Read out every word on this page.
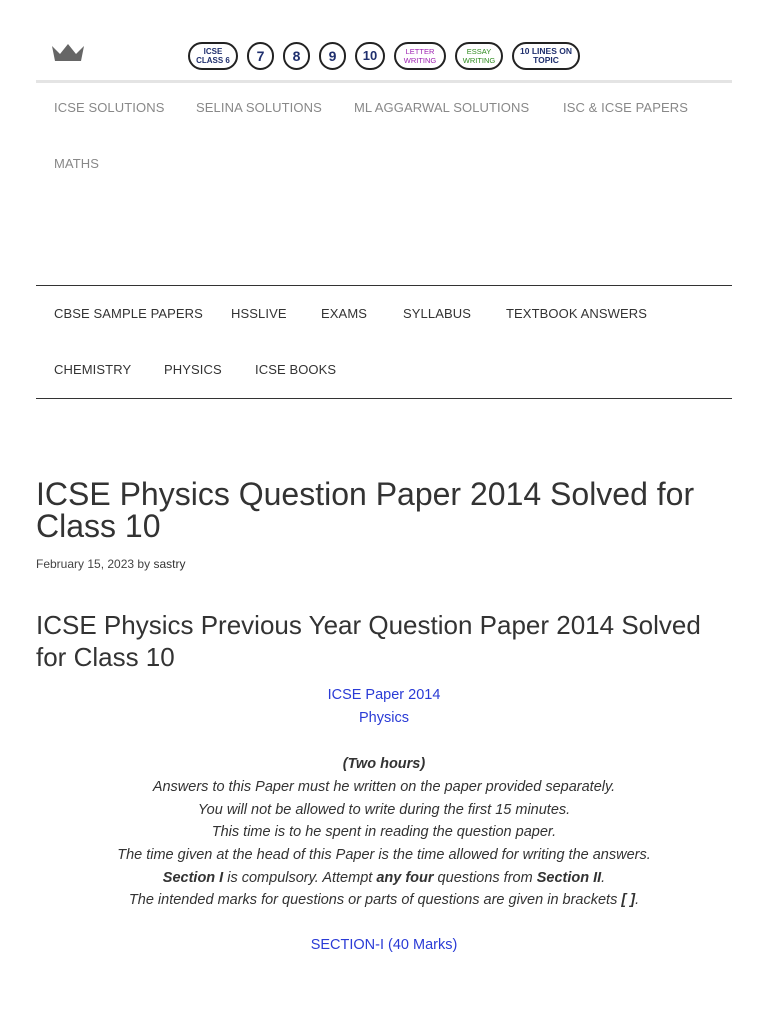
ICSE
CLASS 6	7	8	9	10	LETTER
WRITING
ESSAY
WRITING
10 LINES ON
TOPIC
ICSE SOLUTIONS SELINA SOLUTIONS ML AGGARWAL SOLUTIONS	ISC & ICSE PAPERS
MATHS
CBSE SAMPLE PAPERS HSSLIVE	EXAMS	SYLLABUS	TEXTBOOK ANSWERS
CHEMISTRY	PHYSICS	ICSE BOOKS
ICSE Physics Question Paper 2014 Solved for Class 10
February 15, 2023 by sastry
ICSE Physics Previous Year Question Paper 2014 Solved for Class 10
ICSE Paper 2014
Physics
(Two hours)
Answers to this Paper must he written on the paper provided separately.
You will not be allowed to write during the first 15 minutes.
This time is to he spent in reading the question paper.
The time given at the head of this Paper is the time allowed for writing the answers.
Section I is compulsory. Attempt any four questions from Section II.
The intended marks for questions or parts of questions are given in brackets [ ].
SECTION-I (40 Marks)
